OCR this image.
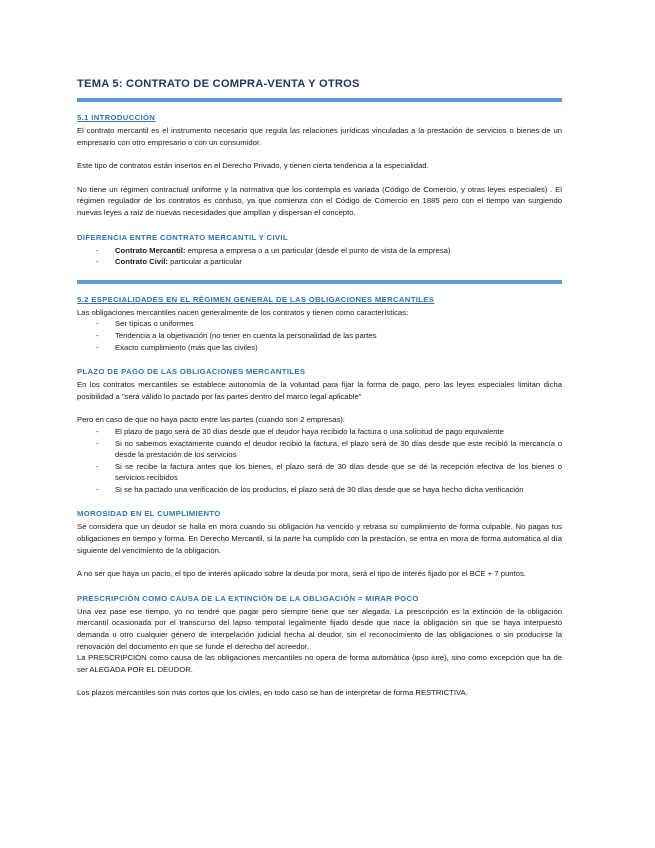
TEMA 5: CONTRATO DE COMPRA-VENTA Y OTROS
5.1 INTRODUCCIÓN

El contrato mercantil es el instrumento necesario que regula las relaciones jurídicas vinculadas a la prestación de servicios o bienes de un empresario con otro empresario o con un consumidor.

Este tipo de contratos están insertos en el Derecho Privado, y tienen cierta tendencia a la especialidad.

No tiene un régimen contractual uniforme y la normativa que los contempla es variada (Código de Comercio, y otras leyes especiales) . El régimen regulador de los contratos es confuso, ya que comienza con el Código de Comercio en 1885 pero con el tiempo van surgiendo nuevas leyes a raíz de nuevas necesidades que amplían y dispersan el concepto.

DIFERENCIA ENTRE CONTRATO MERCANTIL Y CIVIL
- Contrato Mercantil: empresa a empresa o a un particular (desde el punto de vista de la empresa)
- Contrato Civil: particular a particular
5.2 ESPECIALIDADES EN EL RÉGIMEN GENERAL DE LAS OBLIGACIONES MERCANTILES

Las obligaciones mercantiles nacen generalmente de los contratos y tienen como características:

- Ser típicas o uniformes
- Tendencia a la objetivación (no tener en cuenta la personalidad de las partes
- Exacto cumplimiento (más que las civiles)
PLAZO DE PAGO DE LAS OBLIGACIONES MERCANTILES

En los contratos mercantiles se establece autonomía de la voluntad para fijar la forma de pago, pero las leyes especiales limitan dicha posibilidad a "será válido lo pactado por las partes dentro del marco legal aplicable"

Pero en caso de que no haya pacto entre las partes (cuando son 2 empresas):

- El plazo de pago será de 30 días desde que el deudor haya recibido la factura o una solicitud de pago equivalente
- Si no sabemos exactamente cuando el deudor recibió la factura, el plazo será de 30 días desde que este recibió la mercancía o desde la prestación de los servicios
- Si se recibe la factura antes que los bienes, el plazo será de 30 días desde que se dé la recepción efectiva de los bienes o servicios recibidos
- Si se ha pactado una verificación de los productos, el plazo será de 30 días desde que se haya hecho dicha verificación
MOROSIDAD EN EL CUMPLIMIENTO

Se considera que un deudor se halla en mora cuando su obligación ha vencido y retrasa su cumplimiento de forma culpable. No pagas tus obligaciones en tiempo y forma. En Derecho Mercantil, si la parte ha cumplido con la prestación, se entra en mora de forma automática al día siguiente del vencimiento de la obligación.

A no ser que haya un pacto, el tipo de interés aplicado sobre la deuda por mora, será el tipo de interés fijado por el BCE + 7 puntos.

PRESCRIPCIÓN COMO CAUSA DE LA EXTINCIÓN DE LA OBLIGACIÓN = MIRAR POCO

Una vez pase ese tiempo, yo no tendré que pagar pero siempre tiene que ser alegada. La prescripción es la extinción de la obligación mercantil ocasionada por el transcurso del lapso temporal legalmente fijado desde que nace la obligación sin que se haya interpuesto demanda u otro cualquier género de interpelación judicial hecha al deudor, sin el reconocimiento de las obligaciones o sin producirse la renovación del documento en que se funde el derecho del acreedor.

La PRESCRIPCIÓN como causa de las obligaciones mercantiles no opera de forma automática (ipso iure), sino como excepción que ha de ser ALEGADA POR EL DEUDOR.

Los plazos mercantiles son más cortos que los civiles, en todo caso se han de interpretar de forma RESTRICTIVA.
